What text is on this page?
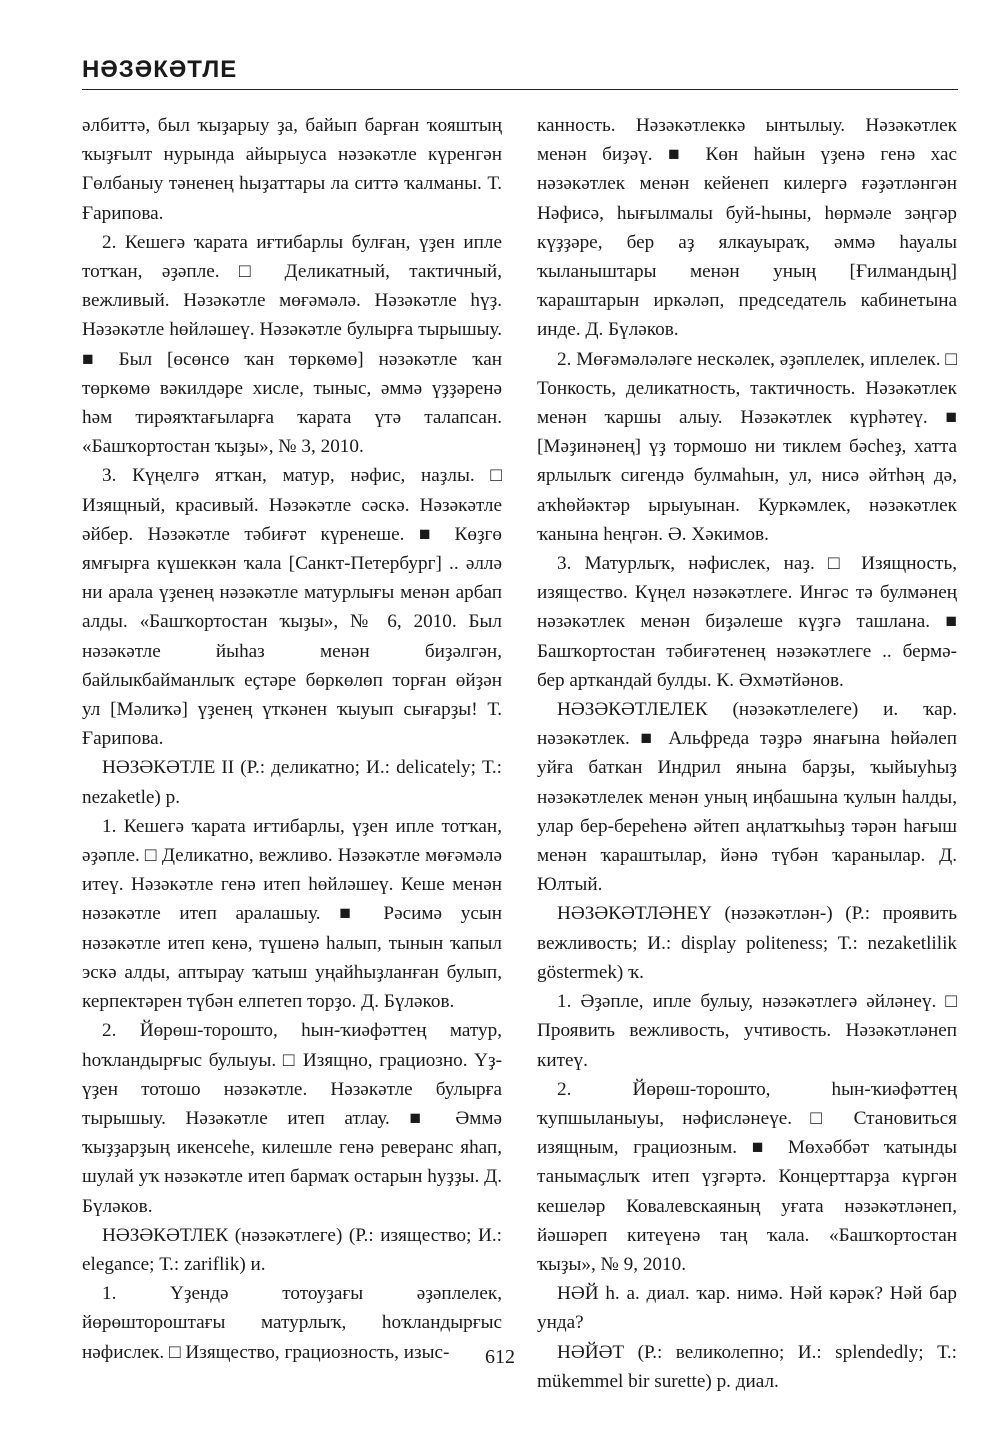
НӘЗӘКӘТЛЕ

әлбиттә, был ҡыҙарыу ҙа, байып барған ҡояштың ҡыҙғылт нурында айырыуса нәзәкәтле күренгән Гөлбаныу тәненең һыҙаттары ла ситтә ҡалманы. Т. Ғарипова.

2. Кешегә ҡарата иғтибарлы булған, үҙен ипле тотҡан, әҙәпле. □ Деликатный, тактичный, вежливый. Нәзәкәтле мөғәмәлә. Нәзәкәтле һүҙ. Нәзәкәтле һөйләшеү. Нәзәкәтле булырға тырышыу. ■ Был [өсөнсө ҡан төркөмө] нәзәкәтле ҡан төркөмө вәкилдәре хисле, тыныс, әммә үҙҙәренә һәм тирәяҡтағыларға ҡарата үтә талапсан. «Башҡортостан ҡыҙы», № 3, 2010.

3. Күңелгә ятҡан, матур, нәфис, наҙлы. □ Изящный, красивый. Нәзәкәтле сәскә. Нәзәкәтле әйбер. Нәзәкәтле тәбиғәт күренеше. ■ Көҙгө ямғырға күшеккән ҡала [Санкт-Петербург] .. әллә ни арала үҙенең нәзәкәтле матурлығы менән арбап алды. «Башҡортостан ҡыҙы», № 6, 2010. Был нәзәкәтле йыһаз менән биҙәлгән, байлыкбайманлыҡ еҫтәре бөркөлөп торған өйҙән ул [Мәлиҡә] үҙенең үткәнен ҡыуып сығарҙы! Т. Ғарипова.

НӘЗӘКӘТЛЕ II (Р.: деликатно; И.: delicately; Т.: nezaketle) р.

1. Кешегә ҡарата иғтибарлы, үҙен ипле тотҡан, әҙәпле. □ Деликатно, вежливо. Нәзәкәтле мөғәмәлә итеү. Нәзәкәтле генә итеп һөйләшеү. Кеше менән нәзәкәтле итеп аралашыу. ■ Рәсимә усын нәзәкәтле итеп кенә, түшенә һалып, тынын ҡапыл эскә алды, аптырау ҡатыш уңайһыҙланған булып, керпектәрен түбән елпетеп торҙо. Д. Бүләков.

2. Йөрөш-торошто, һын-ҡиәфәттең матур, һоҡландырғыс булыуы. □ Изящно, грациозно. Үҙ-үҙен тотошо нәзәкәтле. Нәзәкәтле булырға тырышыу. Нәзәкәтле итеп атлау. ■ Әммә ҡыҙҙарҙың икенсеһе, килешле генә реверанс яһап, шулай уҡ нәзәкәтле итеп бармаҡ остарын һуҙҙы. Д. Бүләков.

НӘЗӘКӘТЛЕК (нәзәкәтлеге) (Р.: изящество; И.: elegance; Т.: zariflik) и.

1. Үҙендә тотоуҙағы әҙәплелек, йөрөштороштағы матурлыҡ, һоҡландырғыс нәфислек. □ Изящество, грациозность, изыс-

канность. Нәзәкәтлеккә ынтылыу. Нәзәкәтлек менән биҙәү. ■ Көн һайын үҙенә генә хас нәзәкәтлек менән кейенеп килергә ғәҙәтләнгән Нәфисә, һығылмалы буй-һыны, һөрмәле зәңгәр күҙҙәре, бер аҙ ялкауыраҡ, әммә һауалы ҡыланыштары менән уның [Ғилмандың] ҡараштарын иркәләп, председатель кабинетына инде. Д. Бүләков.

2. Мөғәмәләләге нескәлек, әҙәплелек, иплелек. □ Тонкость, деликатность, тактичность. Нәзәкәтлек менән ҡаршы алыу. Нәзәкәтлек күрһәтеү. ■ [Мәҙинәнең] үҙ тормошо ни тиклем бәсһеҙ, хатта ярлылыҡ сигендә булмаһын, ул, нисә әйтһәң дә, аҡһөйәктәр ырыуынан. Куркәмлек, нәзәкәтлек ҡанына һеңгән. Ә. Хәкимов.

3. Матурлыҡ, нәфислек, наҙ. □ Изящность, изящество. Күңел нәзәкәтлеге. Ингәс тә булмәнең нәзәкәтлек менән биҙәлеше күҙгә ташлана. ■ Башҡортостан тәбиғәтенең нәзәкәтлеге .. бермә-бер арткандай булды. К. Әхмәтйәнов.

НӘЗӘКӘТЛЕЛЕК (нәзәкәтлелеге) и. ҡар. нәзәкәтлек. ■ Альфреда тәҙрә янағына һөйәлеп уйға баткан Индрил янына барҙы, ҡыйыуһыҙ нәзәкәтлелек менән уның иңбашына ҡулын һалды, улар бер-береһенә әйтеп аңлатҡыһыҙ тәрән һағыш менән ҡараштылар, йәнә түбән ҡаранылар. Д. Юлтый.

НӘЗӘКӘТЛӘНЕҮ (нәзәкәтлән-) (Р.: проявить вежливость; И.: display politeness; Т.: nezaketlilik göstermek) ҡ.

1. Әҙәпле, ипле булыу, нәзәкәтлегә әйләнеү. □ Проявить вежливость, учтивость. Нәзәкәтләнеп китеү.

2. Йөрөш-торошто, һын-ҡиәфәттең ҡупшыланыуы, нәфисләнеүе. □ Становиться изящным, грациозным. ■ Мөхәббәт ҡатынды танымаҫлыҡ итеп үҙгәртә. Концерттарҙа күргән кешеләр Ковалевскаяның уғата нәзәкәтләнеп, йәшәреп китеүенә таң ҡала. «Башҡортостан ҡыҙы», № 9, 2010.

НӘЙ һ. а. диал. ҡар. нимә. Нәй кәрәк? Нәй бар унда?

НӘЙӘТ (Р.: великолепно; И.: splendedly; Т.: mükemmel bir surette) р. диал.

612
